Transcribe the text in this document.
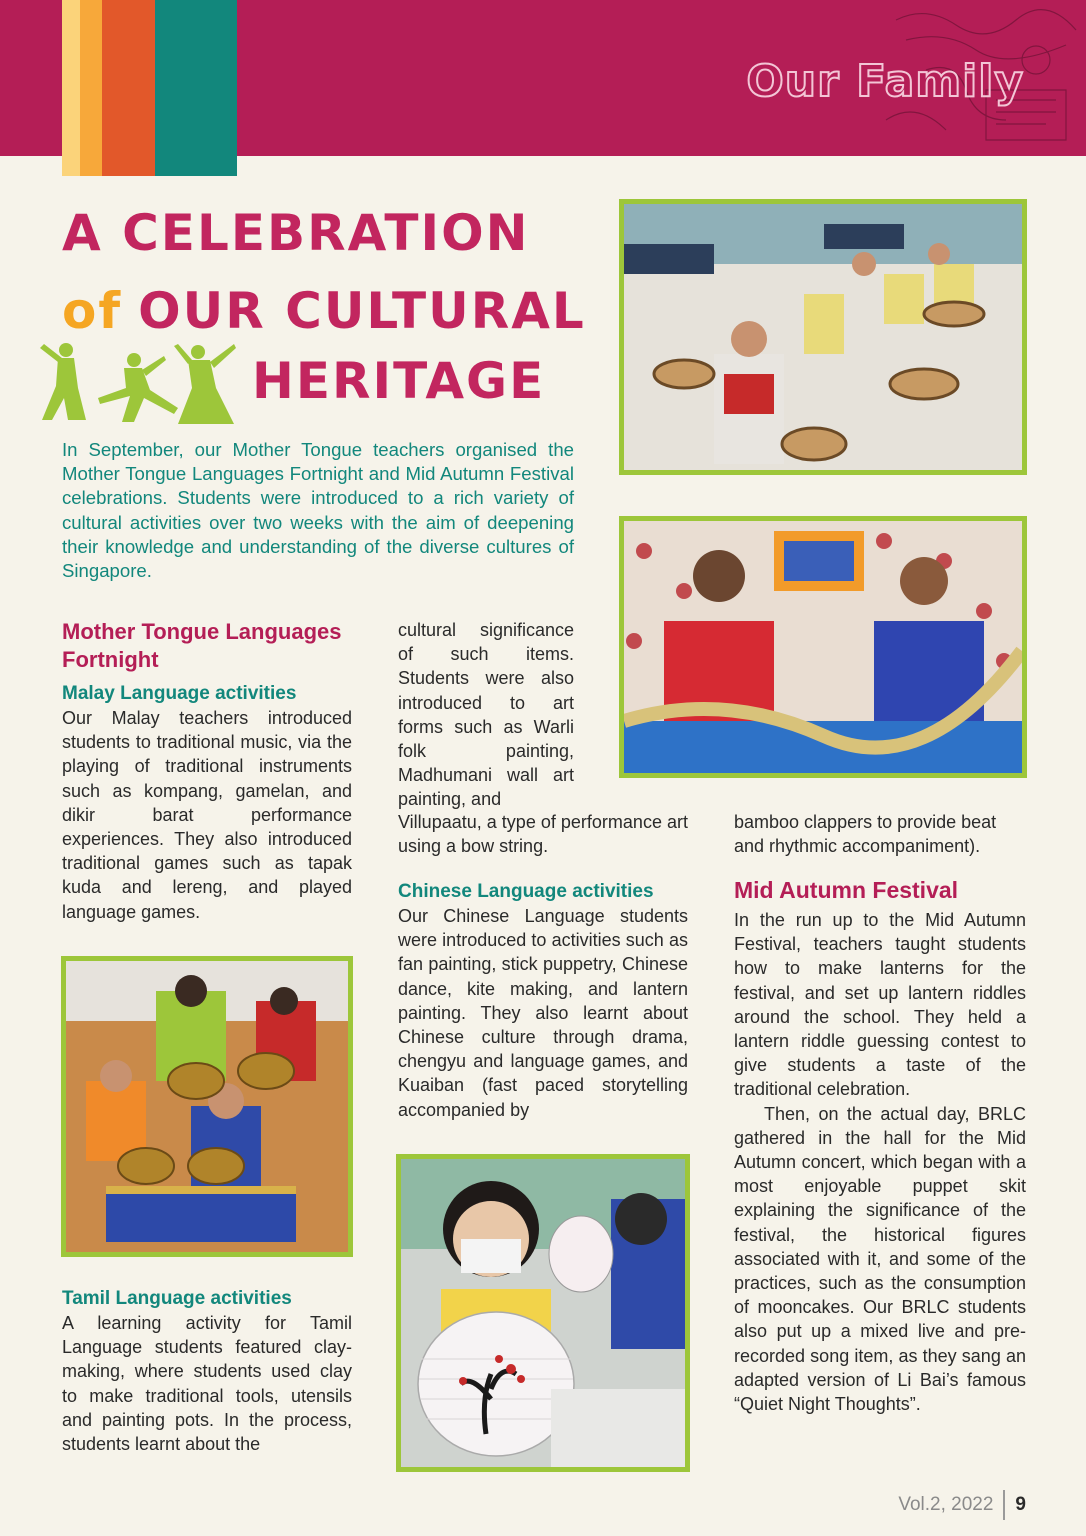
Our Family
A CELEBRATION
of OUR CULTURAL
HERITAGE

In September, our Mother Tongue teachers organised the Mother Tongue Languages Fortnight and Mid Autumn Festival celebrations. Students were introduced to a rich variety of cultural activities over two weeks with the aim of deepening their knowledge and understanding of the diverse cultures of Singapore.

Mother Tongue Languages Fortnight
Malay Language activities

Our Malay teachers introduced students to traditional music, via the playing of traditional instruments such as kompang, gamelan, and dikir barat performance experiences. They also introduced traditional games such as tapak kuda and lereng, and played language games.

Tamil Language activities

A learning activity for Tamil Language students featured clay-making, where students used clay to make traditional tools, utensils and painting pots. In the process, students learnt about the

cultural significance of such items. Students were also introduced to art forms such as Warli folk painting, Madhumani wall art painting, and

Villupaatu, a type of performance art using a bow string.

Chinese Language activities

Our Chinese Language students were introduced to activities such as fan painting, stick puppetry, Chinese dance, kite making, and lantern painting. They also learnt about Chinese culture through drama, chengyu and language games, and Kuaiban (fast paced storytelling accompanied by

bamboo clappers to provide beat and rhythmic accompaniment).

Mid Autumn Festival

In the run up to the Mid Autumn Festival, teachers taught students how to make lanterns for the festival, and set up lantern riddles around the school. They held a lantern riddle guessing contest to give students a taste of the traditional celebration.

Then, on the actual day, BRLC gathered in the hall for the Mid Autumn concert, which began with a most enjoyable puppet skit explaining the significance of the festival, the historical figures associated with it, and some of the practices, such as the consumption of mooncakes. Our BRLC students also put up a mixed live and pre-recorded song item, as they sang an adapted version of Li Bai’s famous “Quiet Night Thoughts”.

Vol.2, 2022 9
